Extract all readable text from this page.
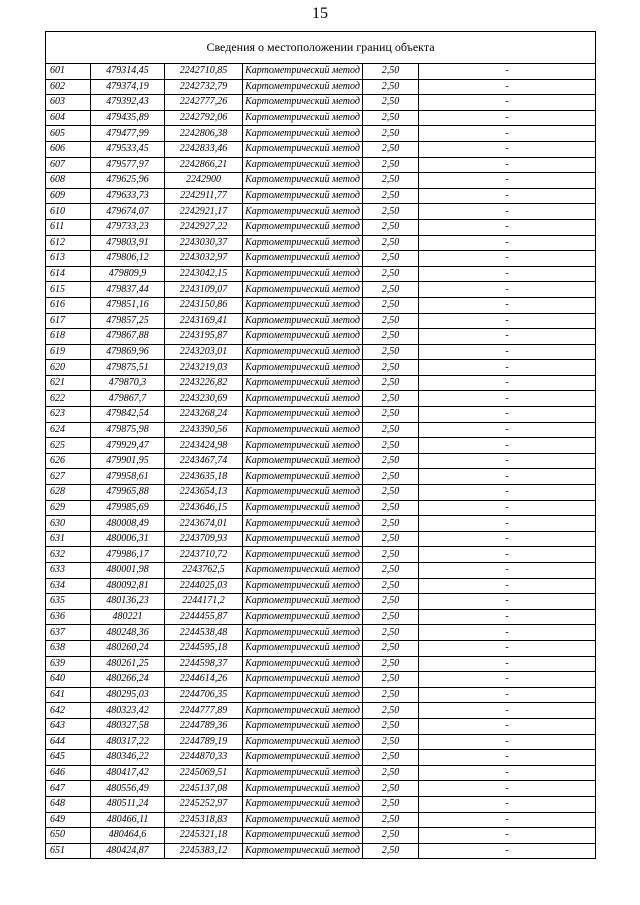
15
Сведения о местоположении границ объекта					
601	479314,45	2242710,85	Картометрический метод	2,50	-
602	479374,19	2242732,79	Картометрический метод	2,50	-
603	479392,43	2242777,26	Картометрический метод	2,50	-
604	479435,89	2242792,06	Картометрический метод	2,50	-
605	479477,99	2242806,38	Картометрический метод	2,50	-
606	479533,45	2242833,46	Картометрический метод	2,50	-
607	479577,97	2242866,21	Картометрический метод	2,50	-
608	479625,96	2242900	Картометрический метод	2,50	-
609	479633,73	2242911,77	Картометрический метод	2,50	-
610	479674,07	2242921,17	Картометрический метод	2,50	-
611	479733,23	2242927,22	Картометрический метод	2,50	-
612	479803,91	2243030,37	Картометрический метод	2,50	-
613	479806,12	2243032,97	Картометрический метод	2,50	-
614	479809,9	2243042,15	Картометрический метод	2,50	-
615	479837,44	2243109,07	Картометрический метод	2,50	-
616	479851,16	2243150,86	Картометрический метод	2,50	-
617	479857,25	2243169,41	Картометрический метод	2,50	-
618	479867,88	2243195,87	Картометрический метод	2,50	-
619	479869,96	2243203,01	Картометрический метод	2,50	-
620	479875,51	2243219,03	Картометрический метод	2,50	-
621	479870,3	2243226,82	Картометрический метод	2,50	-
622	479867,7	2243230,69	Картометрический метод	2,50	-
623	479842,54	2243268,24	Картометрический метод	2,50	-
624	479875,98	2243390,56	Картометрический метод	2,50	-
625	479929,47	2243424,98	Картометрический метод	2,50	-
626	479901,95	2243467,74	Картометрический метод	2,50	-
627	479958,61	2243635,18	Картометрический метод	2,50	-
628	479965,88	2243654,13	Картометрический метод	2,50	-
629	479985,69	2243646,15	Картометрический метод	2,50	-
630	480008,49	2243674,01	Картометрический метод	2,50	-
631	480006,31	2243709,93	Картометрический метод	2,50	-
632	479986,17	2243710,72	Картометрический метод	2,50	-
633	480001,98	2243762,5	Картометрический метод	2,50	-
634	480092,81	2244025,03	Картометрический метод	2,50	-
635	480136,23	2244171,2	Картометрический метод	2,50	-
636	480221	2244455,87	Картометрический метод	2,50	-
637	480248,36	2244538,48	Картометрический метод	2,50	-
638	480260,24	2244595,18	Картометрический метод	2,50	-
639	480261,25	2244598,37	Картометрический метод	2,50	-
640	480266,24	2244614,26	Картометрический метод	2,50	-
641	480295,03	2244706,35	Картометрический метод	2,50	-
642	480323,42	2244777,89	Картометрический метод	2,50	-
643	480327,58	2244789,36	Картометрический метод	2,50	-
644	480317,22	2244789,19	Картометрический метод	2,50	-
645	480346,22	2244870,33	Картометрический метод	2,50	-
646	480417,42	2245069,51	Картометрический метод	2,50	-
647	480556,49	2245137,08	Картометрический метод	2,50	-
648	480511,24	2245252,97	Картометрический метод	2,50	-
649	480466,11	2245318,83	Картометрический метод	2,50	-
650	480464,6	2245321,18	Картометрический метод	2,50	-
651	480424,87	2245383,12	Картометрический метод	2,50	-
